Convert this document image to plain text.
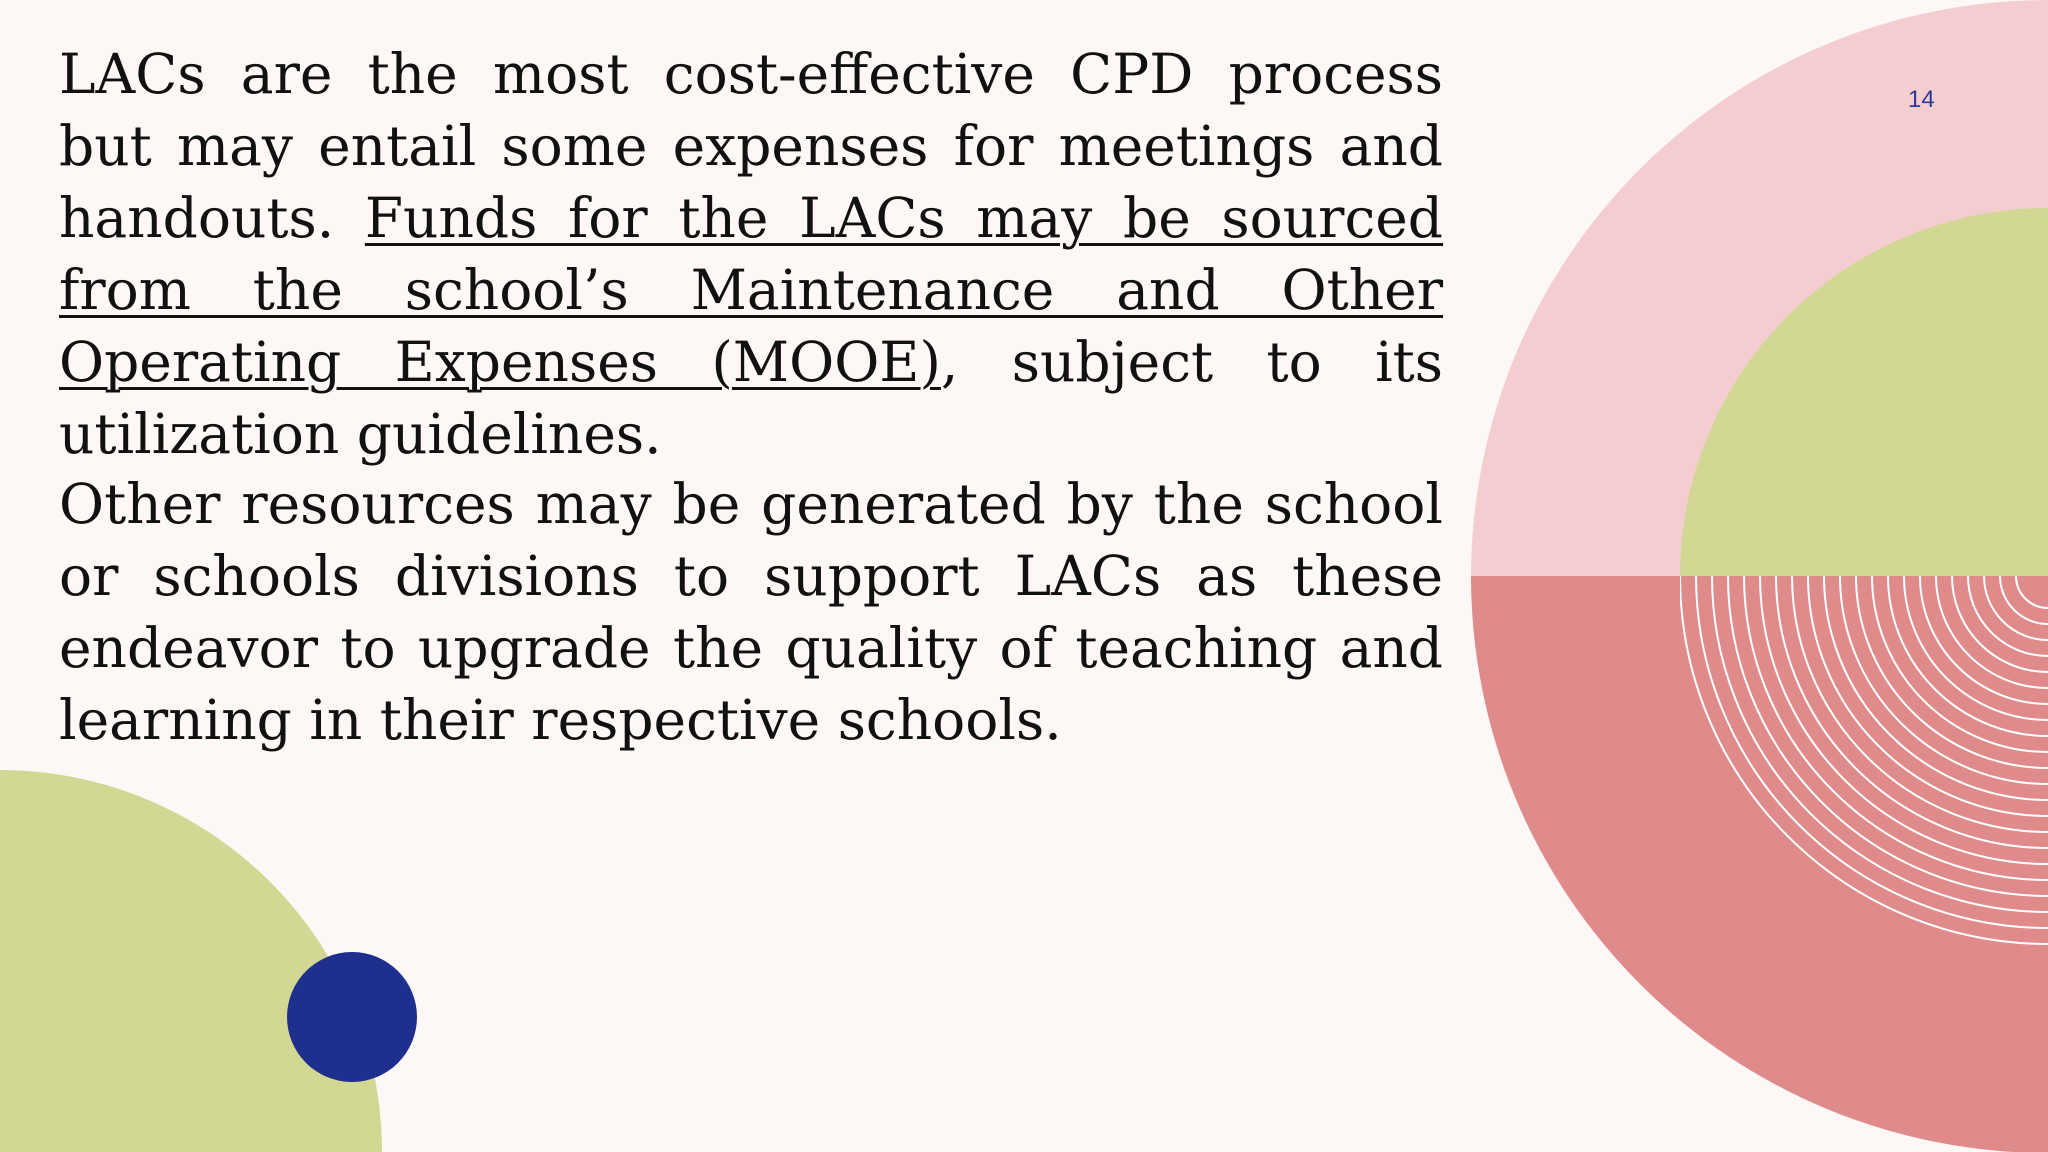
LACs are the most cost-effective CPD process but may entail some expenses for meetings and handouts. Funds for the LACs may be sourced from the school’s Maintenance and Other Operating Expenses (MOOE), subject to its utilization guidelines.

Other resources may be generated by the school or schools divisions to support LACs as these endeavor to upgrade the quality of teaching and learning in their respective schools.

14
